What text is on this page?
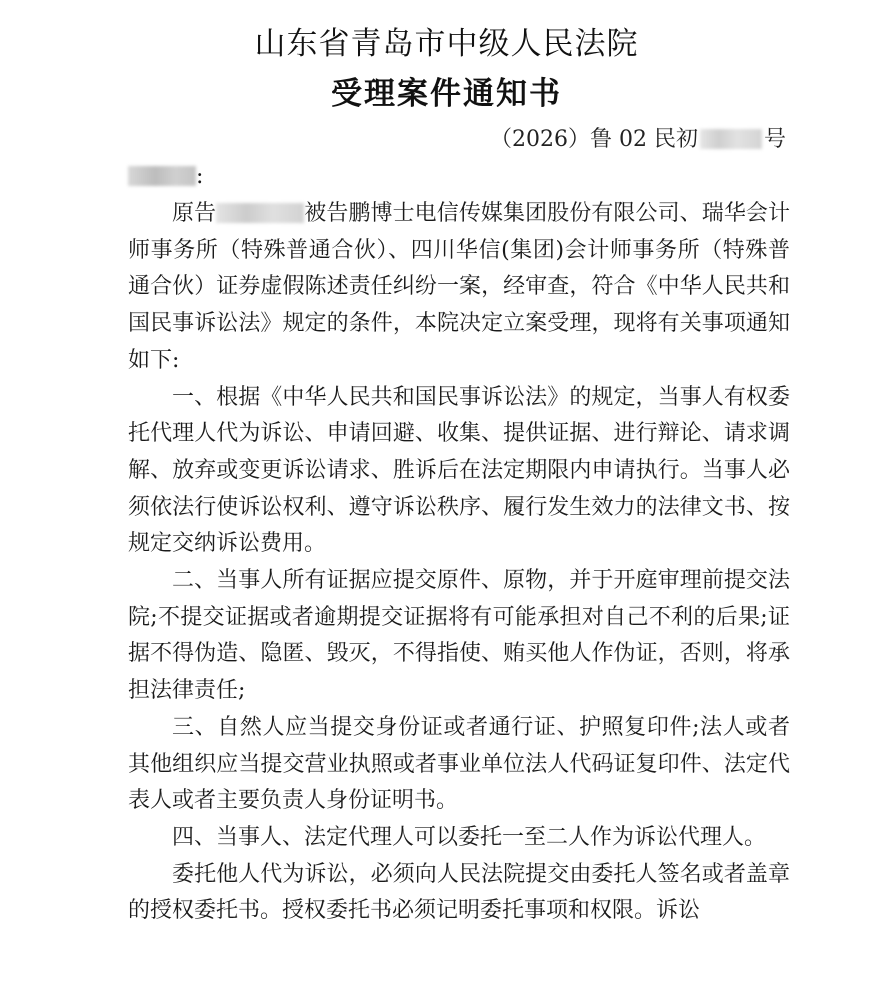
山东省青岛市中级人民法院
受理案件通知书
（2026）鲁 02 民初	号
:

原告	被告鹏博士电信传媒集团股份有限公司、瑞华会计师事务所（特殊普通合伙）、四川华信(集团)会计师事务所（特殊普通合伙）证券虚假陈述责任纠纷一案，经审查，符合《中华人民共和国民事诉讼法》规定的条件，本院决定立案受理，现将有关事项通知如下:

一、根据《中华人民共和国民事诉讼法》的规定，当事人有权委托代理人代为诉讼、申请回避、收集、提供证据、进行辩论、请求调解、放弃或变更诉讼请求、胜诉后在法定期限内申请执行。当事人必须依法行使诉讼权利、遵守诉讼秩序、履行发生效力的法律文书、按规定交纳诉讼费用。

二、当事人所有证据应提交原件、原物，并于开庭审理前提交法院;不提交证据或者逾期提交证据将有可能承担对自己不利的后果;证据不得伪造、隐匿、毁灭，不得指使、贿买他人作伪证，否则，将承担法律责任;

三、自然人应当提交身份证或者通行证、护照复印件;法人或者其他组织应当提交营业执照或者事业单位法人代码证复印件、法定代表人或者主要负责人身份证明书。

四、当事人、法定代理人可以委托一至二人作为诉讼代理人。

委托他人代为诉讼，必须向人民法院提交由委托人签名或者盖章的授权委托书。授权委托书必须记明委托事项和权限。诉讼
